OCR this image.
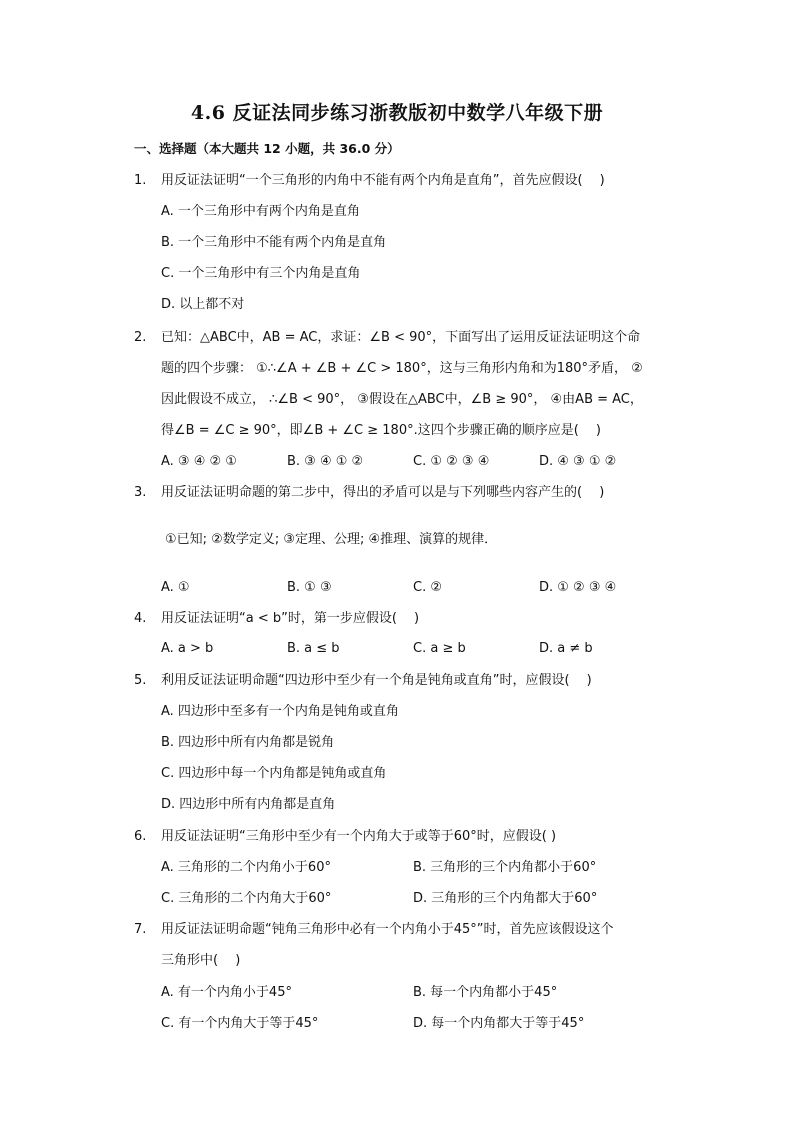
4.6 反证法同步练习浙教版初中数学八年级下册
一、选择题（本大题共 12 小题，共 36.0 分）
1. 用反证法证明“一个三角形的内角中不能有两个内角是直角”，首先应假设(　 )
A. 一个三角形中有两个内角是直角
B. 一个三角形中不能有两个内角是直角
C. 一个三角形中有三个内角是直角
D. 以上都不对
2. 已知：△ABC中，AB = AC，求证：∠B < 90°，下面写出了运用反证法证明这个命
题的四个步骤： ①∴∠A + ∠B + ∠C > 180°，这与三角形内角和为180°矛盾， ②
因此假设不成立， ∴∠B < 90°， ③假设在△ABC中，∠B ≥ 90°， ④由AB = AC，
得∠B = ∠C ≥ 90°，即∠B + ∠C ≥ 180°.这四个步骤正确的顺序应是(　 )
A. ③ ④ ② ①	B. ③ ④ ① ②	C. ① ② ③ ④	D. ④ ③ ① ②
3. 用反证法证明命题的第二步中，得出的矛盾可以是与下列哪些内容产生的(　 )
①已知; ②数学定义; ③定理、公理; ④推理、演算的规律．
A. ①	B. ① ③	C. ②	D. ① ② ③ ④
4. 用反证法证明“a < b”时，第一步应假设(　 )
A. a > b	B. a ≤ b	C. a ≥ b	D. a ≠ b
5. 利用反证法证明命题“四边形中至少有一个角是钝角或直角”时，应假设(　 )
A. 四边形中至多有一个内角是钝角或直角
B. 四边形中所有内角都是锐角
C. 四边形中每一个内角都是钝角或直角
D. 四边形中所有内角都是直角
6. 用反证法证明“三角形中至少有一个内角大于或等于60°时，应假设( )
A. 三角形的二个内角小于60°	B. 三角形的三个内角都小于60°
C. 三角形的二个内角大于60°	D. 三角形的三个内角都大于60°
7. 用反证法证明命题“钝角三角形中必有一个内角小于45°”时，首先应该假设这个
三角形中(　 )
A. 有一个内角小于45°	B. 每一个内角都小于45°
C. 有一个内角大于等于45°	D. 每一个内角都大于等于45°
